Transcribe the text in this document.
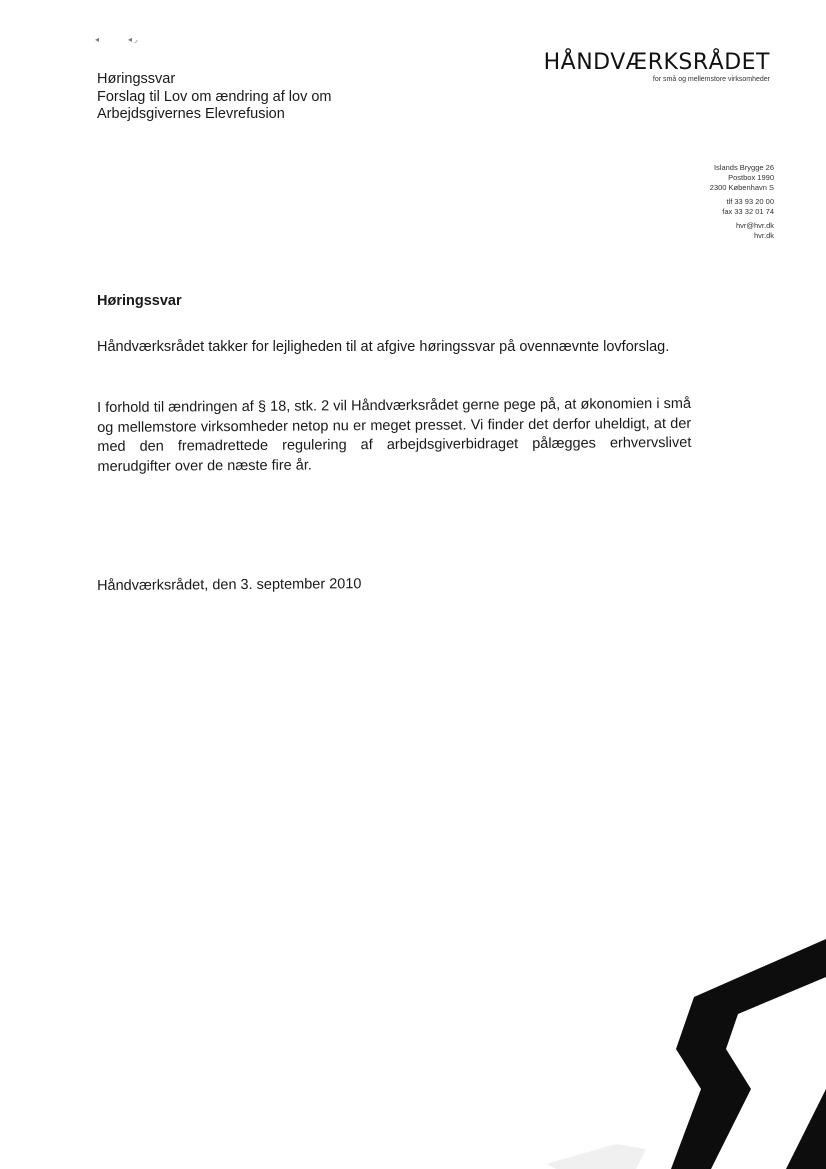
◂	◂ ◞
Høringssvar
Forslag til Lov om ændring af lov om
Arbejdsgivernes Elevrefusion
HÅNDVÆRKSRÅDET
for små og mellemstore virksomheder
Islands Brygge 26
Postbox 1990
2300 København S
tlf 33 93 20 00
fax 33 32 01 74
hvr@hvr.dk
hvr.dk
Høringssvar
Håndværksrådet takker for lejligheden til at afgive høringssvar på ovennævnte lovforslag.
I forhold til ændringen af § 18, stk. 2 vil Håndværksrådet gerne pege på, at økonomien i små og mellemstore virksomheder netop nu er meget presset. Vi finder det derfor uheldigt, at der med den fremadrettede regulering af arbejdsgiverbidraget pålægges erhvervslivet merudgifter over de næste fire år.
Håndværksrådet, den 3. september 2010
